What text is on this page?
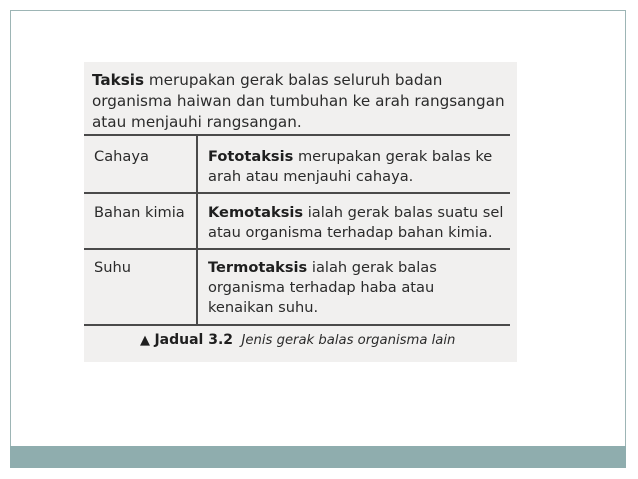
Taksis merupakan gerak balas seluruh badan organisma haiwan dan tumbuhan ke arah rangsangan atau menjauhi rangsangan.
Cahaya	Fototaksis merupakan gerak balas ke arah atau menjauhi cahaya.
Bahan kimia Kemotaksis ialah gerak balas suatu sel atau organisma terhadap bahan kimia.
Suhu	Termotaksis ialah gerak balas organisma terhadap haba atau kenaikan suhu.
▲ Jadual 3.2 Jenis gerak balas organisma lain
